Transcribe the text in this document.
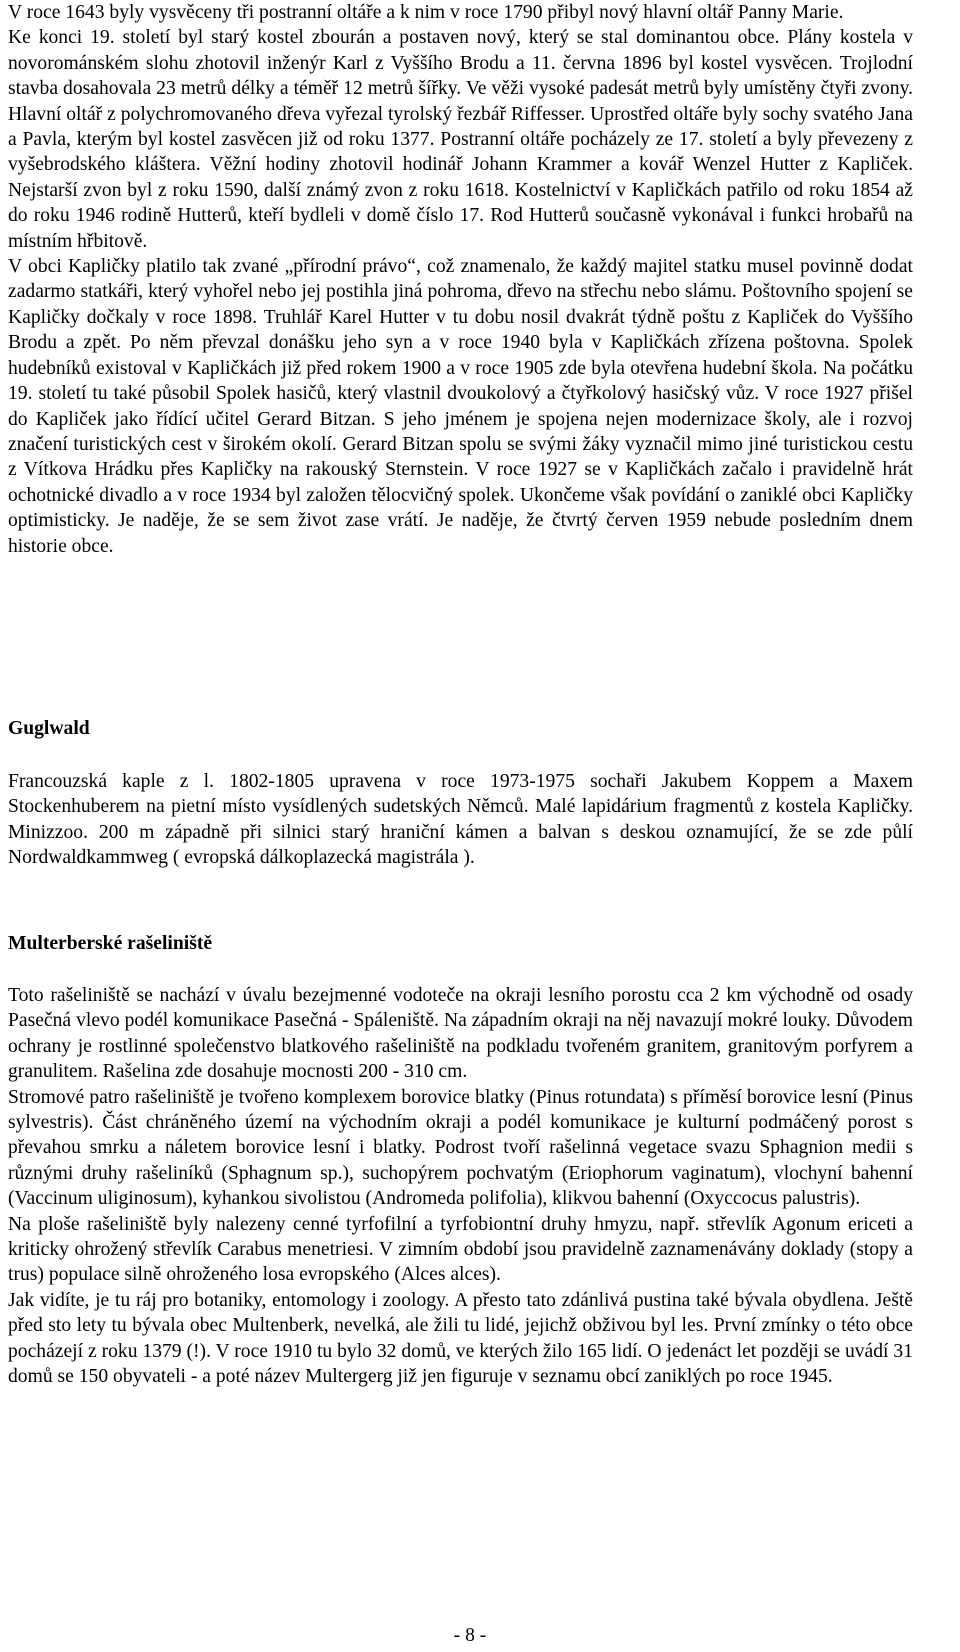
V roce 1643 byly vysvěceny tři postranní oltáře a k nim v roce 1790 přibyl nový hlavní oltář Panny Marie.

Ke konci 19. století byl starý kostel zbourán a postaven nový, který se stal dominantou obce. Plány kostela v novorománském slohu zhotovil inženýr Karl z Vyššího Brodu a 11. června 1896 byl kostel vysvěcen. Trojlodní stavba dosahovala 23 metrů délky a téměř 12 metrů šířky. Ve věži vysoké padesát metrů byly umístěny čtyři zvony. Hlavní oltář z polychromovaného dřeva vyřezal tyrolský řezbář Riffesser. Uprostřed oltáře byly sochy svatého Jana a Pavla, kterým byl kostel zasvěcen již od roku 1377. Postranní oltáře pocházely ze 17. století a byly převezeny z vyšebrodského kláštera. Věžní hodiny zhotovil hodinář Johann Krammer a kovář Wenzel Hutter z Kapliček. Nejstarší zvon byl z roku 1590, další známý zvon z roku 1618. Kostelnictví v Kapličkách patřilo od roku 1854 až do roku 1946 rodině Hutterů, kteří bydleli v domě číslo 17. Rod Hutterů současně vykonával i funkci hrobařů na místním hřbitově.

V obci Kapličky platilo tak zvané „přírodní právo“, což znamenalo, že každý majitel statku musel povinně dodat zadarmo statkáři, který vyhořel nebo jej postihla jiná pohroma, dřevo na střechu nebo slámu. Poštovního spojení se Kapličky dočkaly v roce 1898. Truhlář Karel Hutter v tu dobu nosil dvakrát týdně poštu z Kapliček do Vyššího Brodu a zpět. Po něm převzal donášku jeho syn a v roce 1940 byla v Kapličkách zřízena poštovna. Spolek hudebníků existoval v Kapličkách již před rokem 1900 a v roce 1905 zde byla otevřena hudební škola. Na počátku 19. století tu také působil Spolek hasičů, který vlastnil dvoukolový a čtyřkolový hasičský vůz. V roce 1927 přišel do Kapliček jako řídící učitel Gerard Bitzan. S jeho jménem je spojena nejen modernizace školy, ale i rozvoj značení turistických cest v širokém okolí. Gerard Bitzan spolu se svými žáky vyznačil mimo jiné turistickou cestu z Vítkova Hrádku přes Kapličky na rakouský Sternstein. V roce 1927 se v Kapličkách začalo i pravidelně hrát ochotnické divadlo a v roce 1934 byl založen tělocvičný spolek. Ukončeme však povídání o zaniklé obci Kapličky optimisticky. Je naděje, že se sem život zase vrátí. Je naděje, že čtvrtý červen 1959 nebude posledním dnem historie obce.

Guglwald

Francouzská kaple z l. 1802-1805 upravena v roce 1973-1975 sochaři Jakubem Koppem a Maxem Stockenhuberem na pietní místo vysídlených sudetských Němců. Malé lapidárium fragmentů z kostela Kapličky. Minizzoo. 200 m západně při silnici starý hraniční kámen a balvan s deskou oznamující, že se zde půlí Nordwaldkammweg ( evropská dálkoplazecká magistrála ).

Multerberské rašeliniště

Toto rašeliniště se nachází v úvalu bezejmenné vodoteče na okraji lesního porostu cca 2 km východně od osady Pasečná vlevo podél komunikace Pasečná - Spáleniště. Na západním okraji na něj navazují mokré louky. Důvodem ochrany je rostlinné společenstvo blatkového rašeliniště na podkladu tvořeném granitem, granitovým porfyrem a granulitem. Rašelina zde dosahuje mocnosti 200 - 310 cm.

Stromové patro rašeliniště je tvořeno komplexem borovice blatky (Pinus rotundata) s příměsí borovice lesní (Pinus sylvestris). Část chráněného území na východním okraji a podél komunikace je kulturní podmáčený porost s převahou smrku a náletem borovice lesní i blatky. Podrost tvoří rašelinná vegetace svazu Sphagnion medii s různými druhy rašeliníků (Sphagnum sp.), suchopýrem pochvatým (Eriophorum vaginatum), vlochyní bahenní (Vaccinum uliginosum), kyhankou sivolistou (Andromeda polifolia), klikvou bahenní (Oxyccocus palustris).

Na ploše rašeliniště byly nalezeny cenné tyrfofilní a tyrfobiontní druhy hmyzu, např. střevlík Agonum ericeti a kriticky ohrožený střevlík Carabus menetriesi. V zimním období jsou pravidelně zaznamenávány doklady (stopy a trus) populace silně ohroženého losa evropského (Alces alces).

Jak vidíte, je tu ráj pro botaniky, entomology i zoology. A přesto tato zdánlivá pustina také bývala obydlena. Ještě před sto lety tu bývala obec Multenberk, nevelká, ale žili tu lidé, jejichž obživou byl les. První zmínky o této obce pocházejí z roku 1379 (!). V roce 1910 tu bylo 32 domů, ve kterých žilo 165 lidí. O jedenáct let později se uvádí 31 domů se 150 obyvateli - a poté název Multergerg již jen figuruje v seznamu obcí zaniklých po roce 1945.

- 8 -
